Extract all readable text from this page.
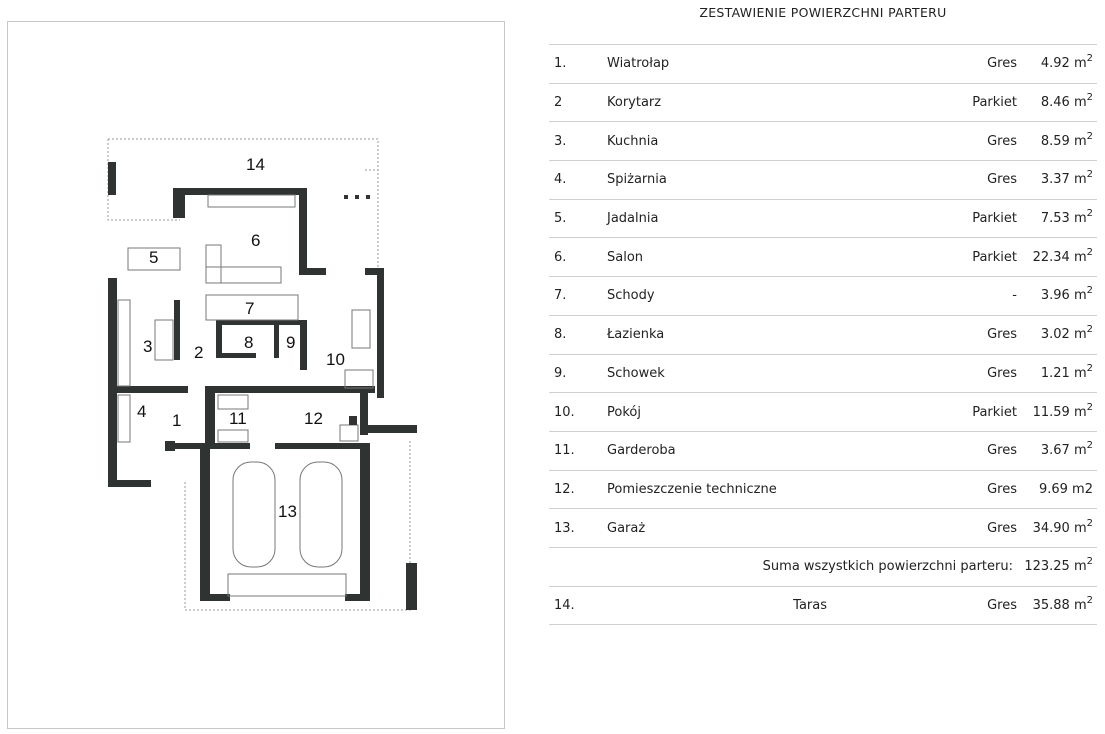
14
6
5
7
3 2
8 9
10
4 1	11	12
13
ZESTAWIENIE POWIERZCHNI PARTERU
1.	Wiatrołap	Gres	4.92 $m^2$
2	Korytarz	Parkiet	8.46 $m^2$
3.	Kuchnia	Gres	8.59 $m^2$
4.	Spiżarnia	Gres	3.37 $m^2$
5.	Jadalnia	Parkiet	7.53 $m^2$
6.	Salon	Parkiet	22.34 $m^2$
7.	Schody	-	3.96 $m^2$
8.	Łazienka	Gres	3.02 $m^2$
9.	Schowek	Gres	1.21 $m^2$
10.	Pokój	Parkiet	11.59 $m^2$
11.	Garderoba	Gres	3.67 $m^2$
12.	Pomieszczenie techniczne	Gres	9.69 m2
13.	Garaż	Gres	34.90 $m^2$
Suma wszystkich powierzchni parteru:			123.25 $m^2$
14.	Taras	Gres	35.88 $m^2$
